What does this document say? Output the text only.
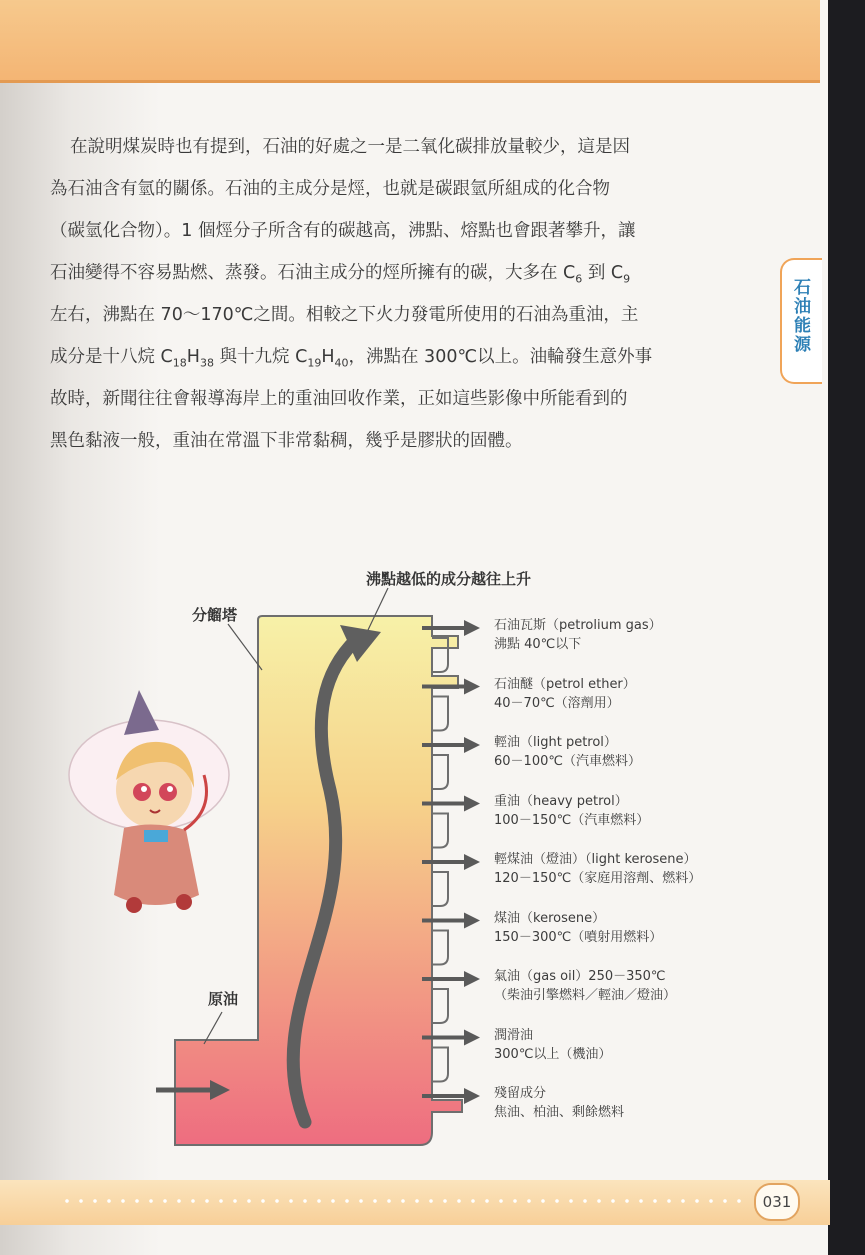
石油能源
在說明煤炭時也有提到，石油的好處之一是二氧化碳排放量較少，這是因
為石油含有氫的關係。石油的主成分是烴，也就是碳跟氫所組成的化合物
（碳氫化合物）。1 個烴分子所含有的碳越高，沸點、熔點也會跟著攀升，讓
石油變得不容易點燃、蒸發。石油主成分的烴所擁有的碳，大多在 $C_6$ 到 $C_9$
左右，沸點在 70～170℃之間。相較之下火力發電所使用的石油為重油，主
成分是十八烷 $C_{18}H_{38}$ 與十九烷 $C_{19}H_{40}$，沸點在 300℃以上。油輪發生意外事
故時，新聞往往會報導海岸上的重油回收作業，正如這些影像中所能看到的
黑色黏液一般，重油在常溫下非常黏稠，幾乎是膠狀的固體。
沸點越低的成分越往上升
分餾塔
原油
石油瓦斯（petrolium gas）
沸點 40℃以下
石油醚（petrol ether）
40－70℃（溶劑用）
輕油（light petrol）
60－100℃（汽車燃料）
重油（heavy petrol）
100－150℃（汽車燃料）
輕煤油（燈油）（light kerosene）
120－150℃（家庭用溶劑、燃料）
煤油（kerosene）
150－300℃（噴射用燃料）
氣油（gas oil）250－350℃
（柴油引擎燃料／輕油／燈油）
潤滑油
300℃以上（機油）
殘留成分
焦油、柏油、剩餘燃料
031
